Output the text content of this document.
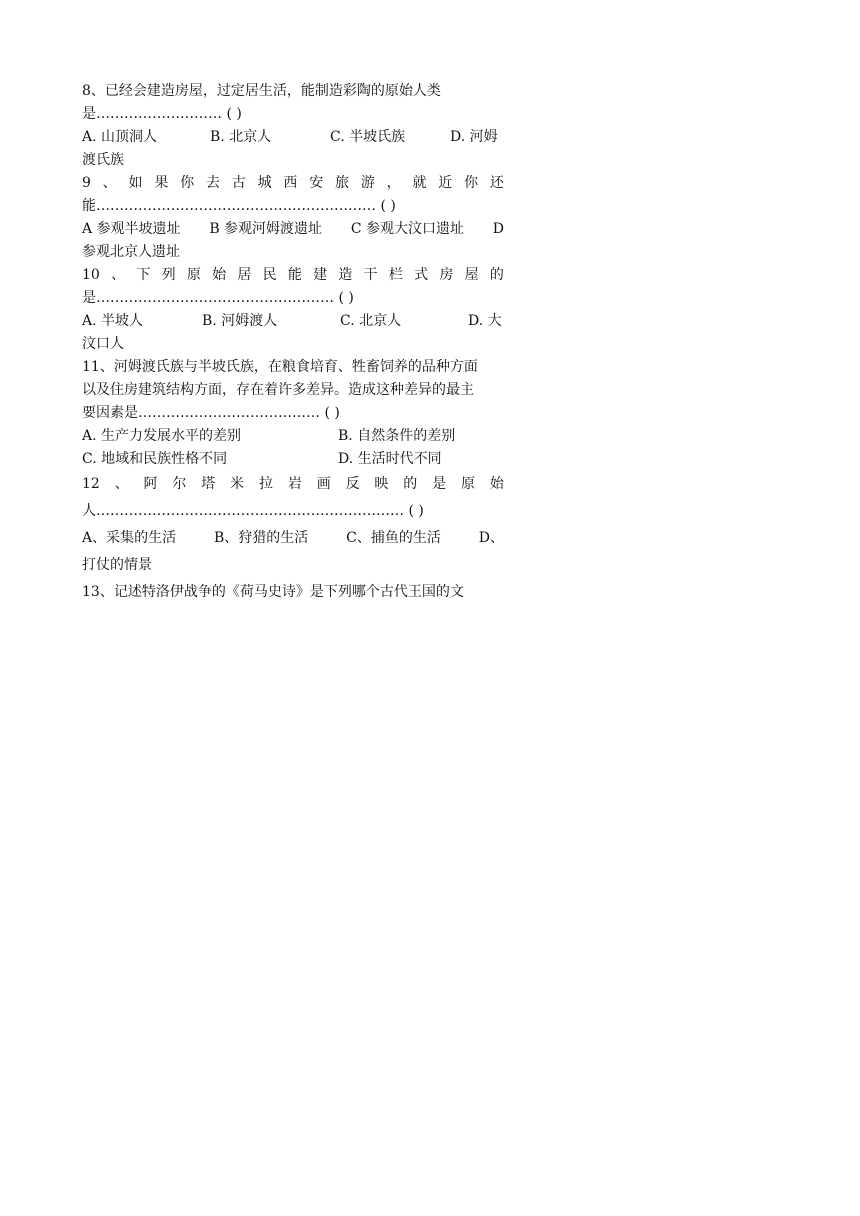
8、已经会建造房屋，过定居生活，能制造彩陶的原始人类
是……………………… ( )
A. 山顶洞人	B. 北京人	C. 半坡氏族	D. 河姆
渡氏族
9 、 如 果 你 去 古 城 西 安 旅 游 ， 就 近 你 还
能…………………………………………………… ( )
A 参观半坡遗址 B 参观河姆渡遗址 C 参观大汶口遗址 D
参观北京人遗址
10 、 下 列 原 始 居 民 能 建 造 干 栏 式 房 屋 的
是…………………………………………… ( )
A. 半坡人	B. 河姆渡人	C. 北京人	D. 大
汶口人
11、河姆渡氏族与半坡氏族，在粮食培育、牲畜饲养的品种方面
以及住房建筑结构方面，存在着许多差异。造成这种差异的最主
要因素是………………………………… ( )
A. 生产力发展水平的差别	B. 自然条件的差别
C. 地域和民族性格不同	D. 生活时代不同
12 、 阿 尔 塔 米 拉 岩 画 反 映 的 是 原 始
人………………………………………………………… ( )
A、采集的生活	B、狩猎的生活	C、捕鱼的生活	D、
打仗的情景
13、记述特洛伊战争的《荷马史诗》是下列哪个古代王国的文
